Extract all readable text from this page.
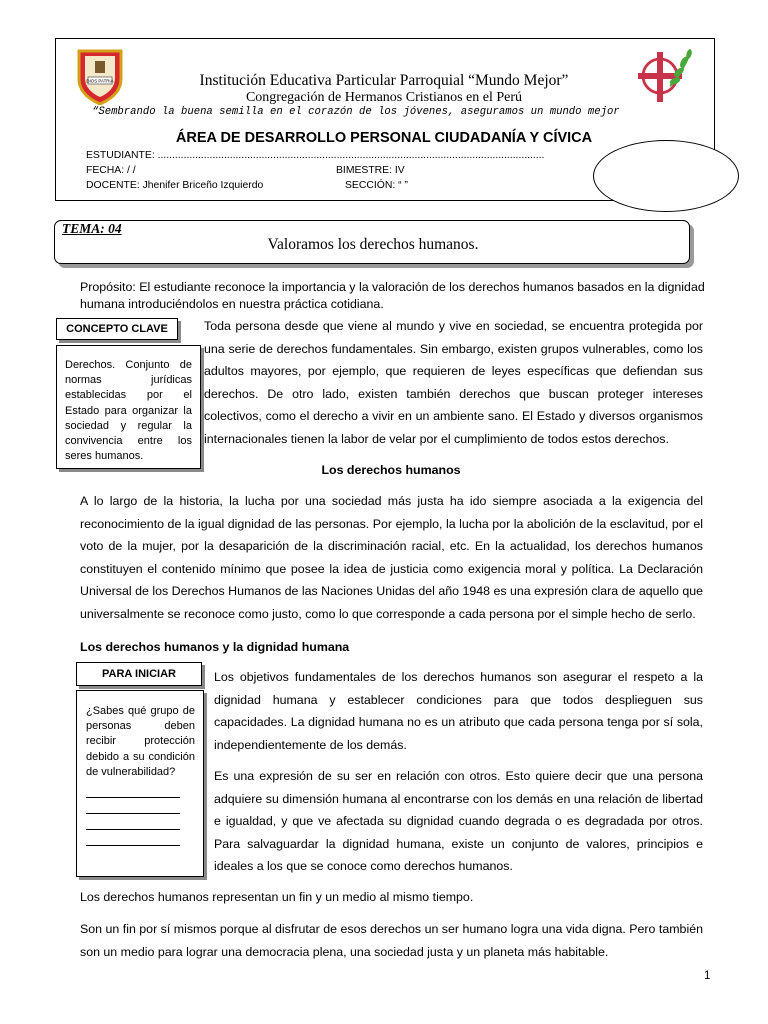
DIOS PATRIA	Institución Educativa Particular Parroquial “Mundo Mejor”
Congregación de Hermanos Cristianos en el Perú
“Sembrando la buena semilla en el corazón de los jóvenes, aseguramos un mundo mejor
ÁREA DE DESARROLLO PERSONAL CIUDADANÍA Y CÍVICA
ESTUDIANTE: ......................................................................................................................................
FECHA: / /	BIMESTRE: IV
DOCENTE: Jhenifer Briceño Izquierdo	SECCIÓN: “ ”
TEMA: 04
Valoramos los derechos humanos.

Propósito: El estudiante reconoce la importancia y la valoración de los derechos humanos basados en la dignidad humana introduciéndolos en nuestra práctica cotidiana.

CONCEPTO CLAVE
Derechos. Conjunto de normas jurídicas establecidas por el Estado para organizar la sociedad y regular la convivencia entre los seres humanos.

Toda persona desde que viene al mundo y vive en sociedad, se encuentra protegida por una serie de derechos fundamentales. Sin embargo, existen grupos vulnerables, como los adultos mayores, por ejemplo, que requieren de leyes específicas que defiendan sus derechos. De otro lado, existen también derechos que buscan proteger intereses colectivos, como el derecho a vivir en un ambiente sano. El Estado y diversos organismos internacionales tienen la labor de velar por el cumplimiento de todos estos derechos.

Los derechos humanos

A lo largo de la historia, la lucha por una sociedad más justa ha ido siempre asociada a la exigencia del reconocimiento de la igual dignidad de las personas. Por ejemplo, la lucha por la abolición de la esclavitud, por el voto de la mujer, por la desaparición de la discriminación racial, etc. En la actualidad, los derechos humanos constituyen el contenido mínimo que posee la idea de justicia como exigencia moral y política. La Declaración Universal de los Derechos Humanos de las Naciones Unidas del año 1948 es una expresión clara de aquello que universalmente se reconoce como justo, como lo que corresponde a cada persona por el simple hecho de serlo.

Los derechos humanos y la dignidad humana
PARA INICIAR
¿Sabes qué grupo de personas deben recibir protección debido a su condición de vulnerabilidad?

Los objetivos fundamentales de los derechos humanos son asegurar el respeto a la dignidad humana y establecer condiciones para que todos desplieguen sus capacidades. La dignidad humana no es un atributo que cada persona tenga por sí sola, independientemente de los demás.

Es una expresión de su ser en relación con otros. Esto quiere decir que una persona adquiere su dimensión humana al encontrarse con los demás en una relación de libertad e igualdad, y que ve afectada su dignidad cuando degrada o es degradada por otros. Para salvaguardar la dignidad humana, existe un conjunto de valores, principios e ideales a los que se conoce como derechos humanos.

Los derechos humanos representan un fin y un medio al mismo tiempo.

Son un fin por sí mismos porque al disfrutar de esos derechos un ser humano logra una vida digna. Pero también son un medio para lograr una democracia plena, una sociedad justa y un planeta más habitable.

1
